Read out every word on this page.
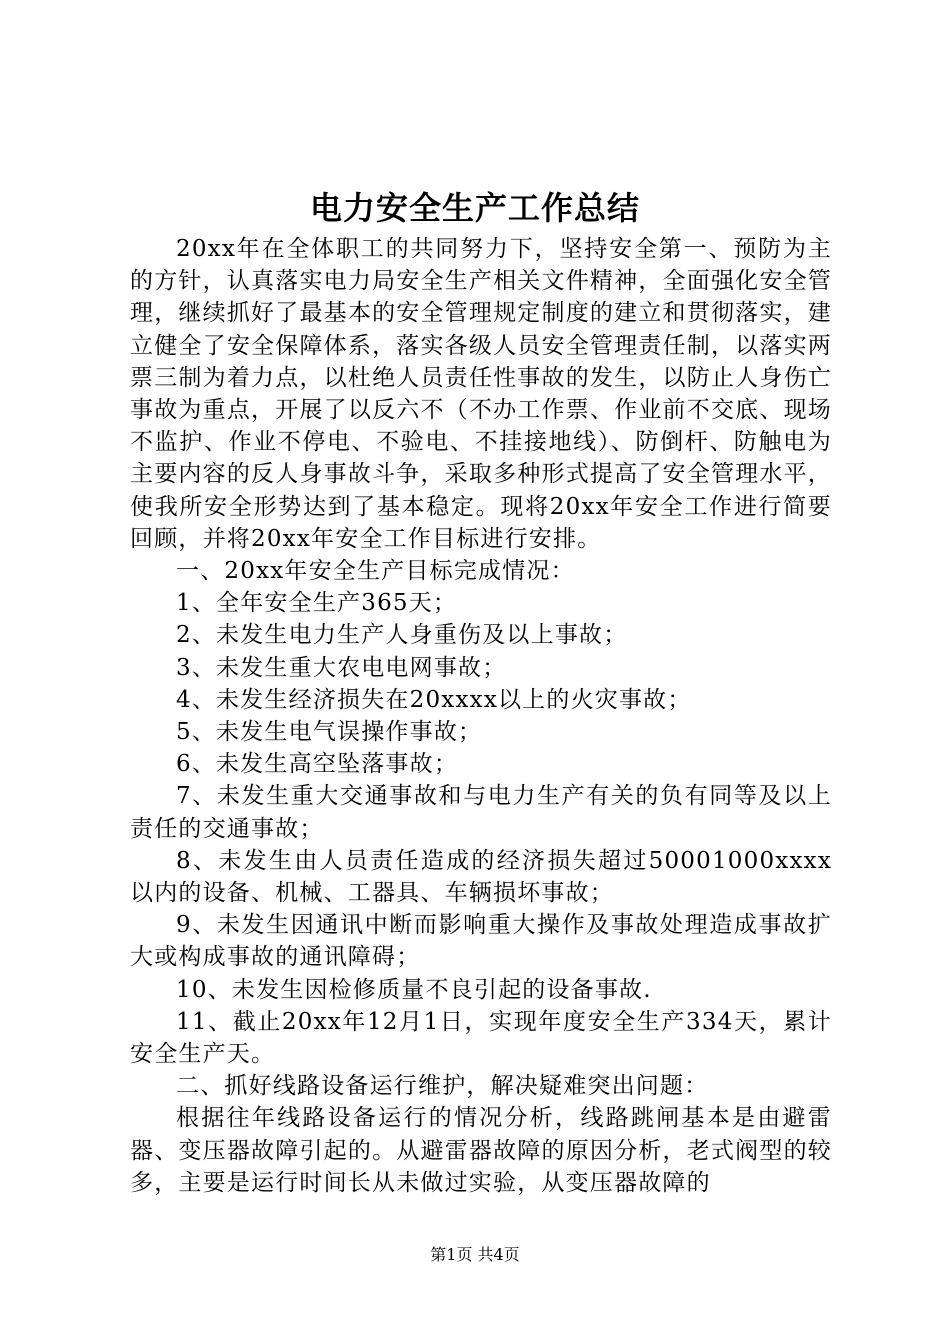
电力安全生产工作总结

20xx年在全体职工的共同努力下，坚持安全第一、预防为主的方针，认真落实电力局安全生产相关文件精神，全面强化安全管理，继续抓好了最基本的安全管理规定制度的建立和贯彻落实，建立健全了安全保障体系，落实各级人员安全管理责任制，以落实两票三制为着力点，以杜绝人员责任性事故的发生，以防止人身伤亡事故为重点，开展了以反六不（不办工作票、作业前不交底、现场不监护、作业不停电、不验电、不挂接地线）、防倒杆、防触电为主要内容的反人身事故斗争，采取多种形式提高了安全管理水平，使我所安全形势达到了基本稳定。现将20xx年安全工作进行简要回顾，并将20xx年安全工作目标进行安排。

一、20xx年安全生产目标完成情况：

1、全年安全生产365天；

2、未发生电力生产人身重伤及以上事故；

3、未发生重大农电电网事故；

4、未发生经济损失在20xxxx以上的火灾事故；

5、未发生电气误操作事故；

6、未发生高空坠落事故；

7、未发生重大交通事故和与电力生产有关的负有同等及以上责任的交通事故；

8、未发生由人员责任造成的经济损失超过50001000xxxx以内的设备、机械、工器具、车辆损坏事故；

9、未发生因通讯中断而影响重大操作及事故处理造成事故扩大或构成事故的通讯障碍；

10、未发生因检修质量不良引起的设备事故.

11、截止20xx年12月1日，实现年度安全生产334天，累计安全生产天。

二、抓好线路设备运行维护，解决疑难突出问题：

根据往年线路设备运行的情况分析，线路跳闸基本是由避雷器、变压器故障引起的。从避雷器故障的原因分析，老式阀型的较多，主要是运行时间长从未做过实验，从变压器故障的

第1页 共4页
